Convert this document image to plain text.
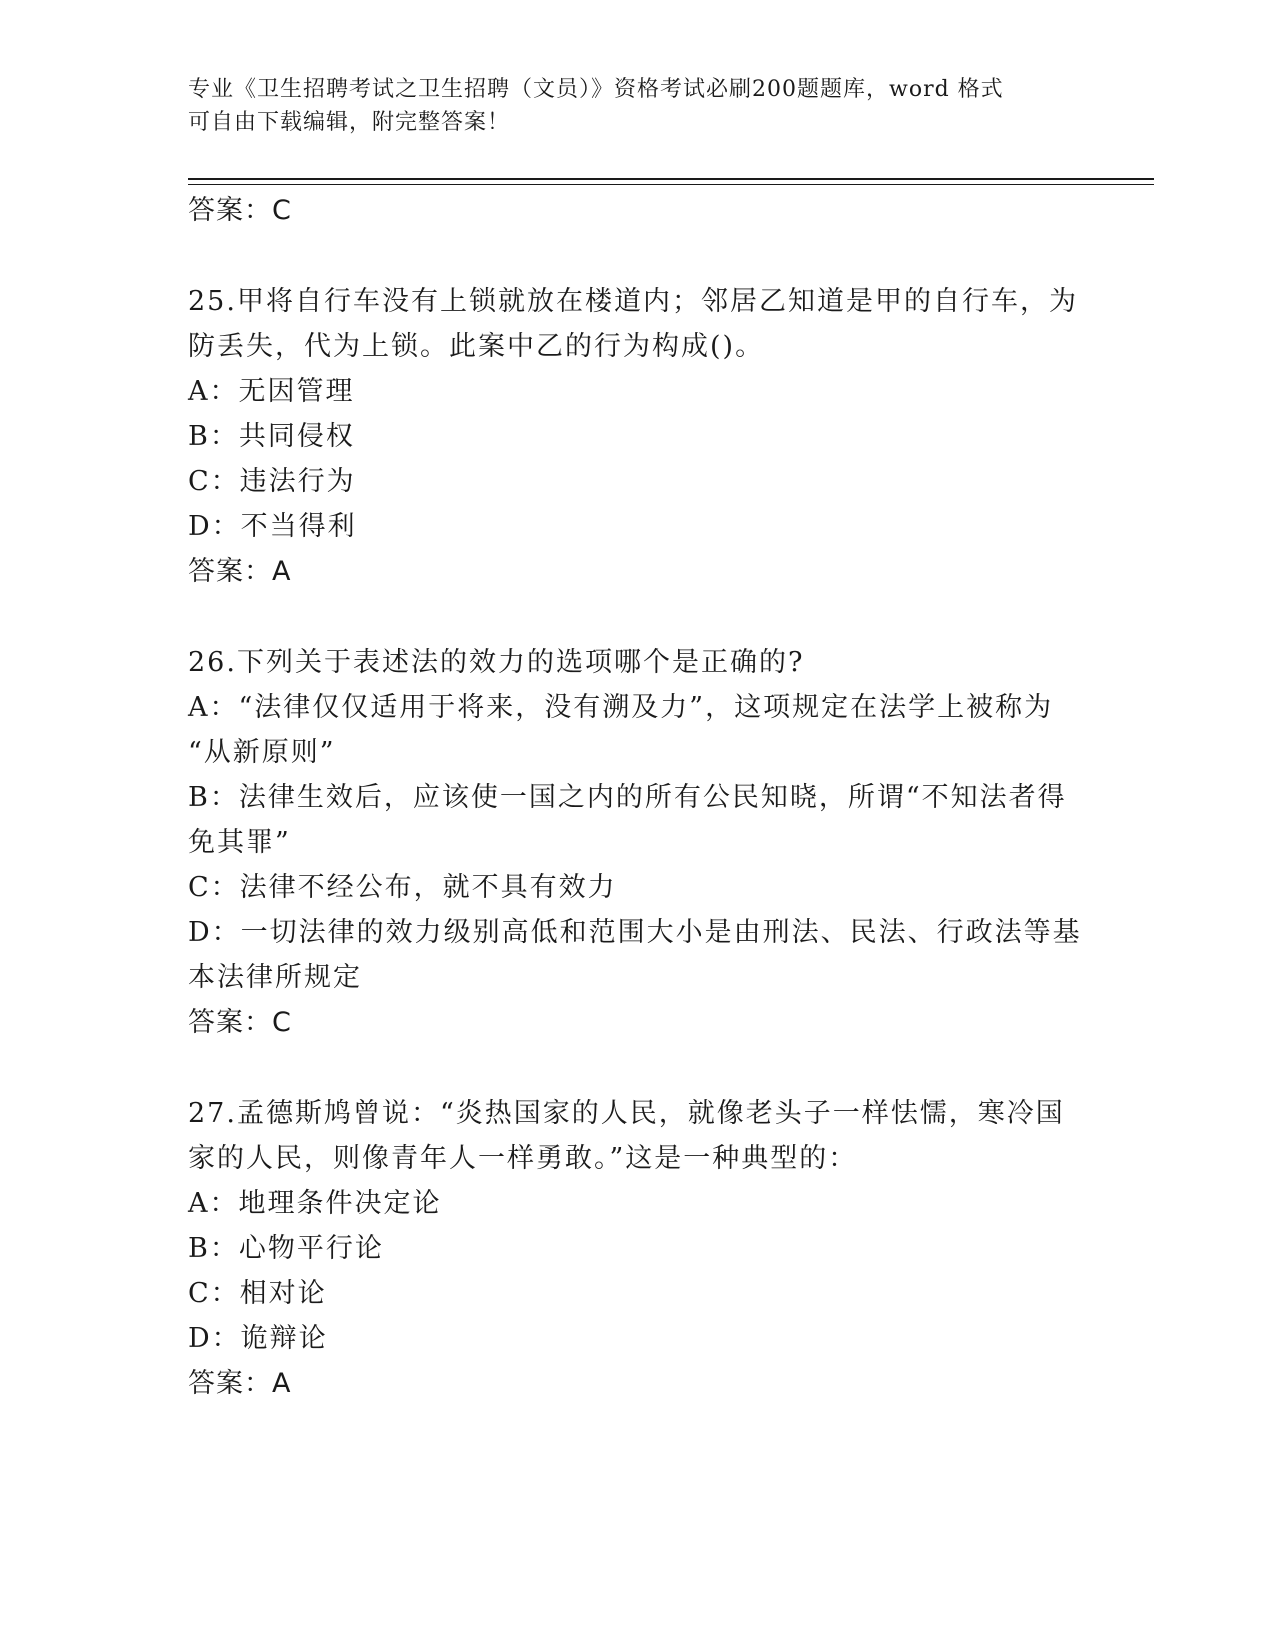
专业《卫生招聘考试之卫生招聘（文员）》资格考试必刷200题题库，word 格式
可自由下载编辑，附完整答案！
答案：C
25.甲将自行车没有上锁就放在楼道内；邻居乙知道是甲的自行车，为
防丢失，代为上锁。此案中乙的行为构成()。
A：无因管理
B：共同侵权
C：违法行为
D：不当得利
答案：A
26.下列关于表述法的效力的选项哪个是正确的?
A：“法律仅仅适用于将来，没有溯及力”，这项规定在法学上被称为
“从新原则”
B：法律生效后，应该使一国之内的所有公民知晓，所谓“不知法者得
免其罪”
C：法律不经公布，就不具有效力
D：一切法律的效力级别高低和范围大小是由刑法、民法、行政法等基
本法律所规定
答案：C
27.孟德斯鸠曾说：“炎热国家的人民，就像老头子一样怯懦，寒冷国
家的人民，则像青年人一样勇敢。”这是一种典型的：
A：地理条件决定论
B：心物平行论
C：相对论
D：诡辩论
答案：A
